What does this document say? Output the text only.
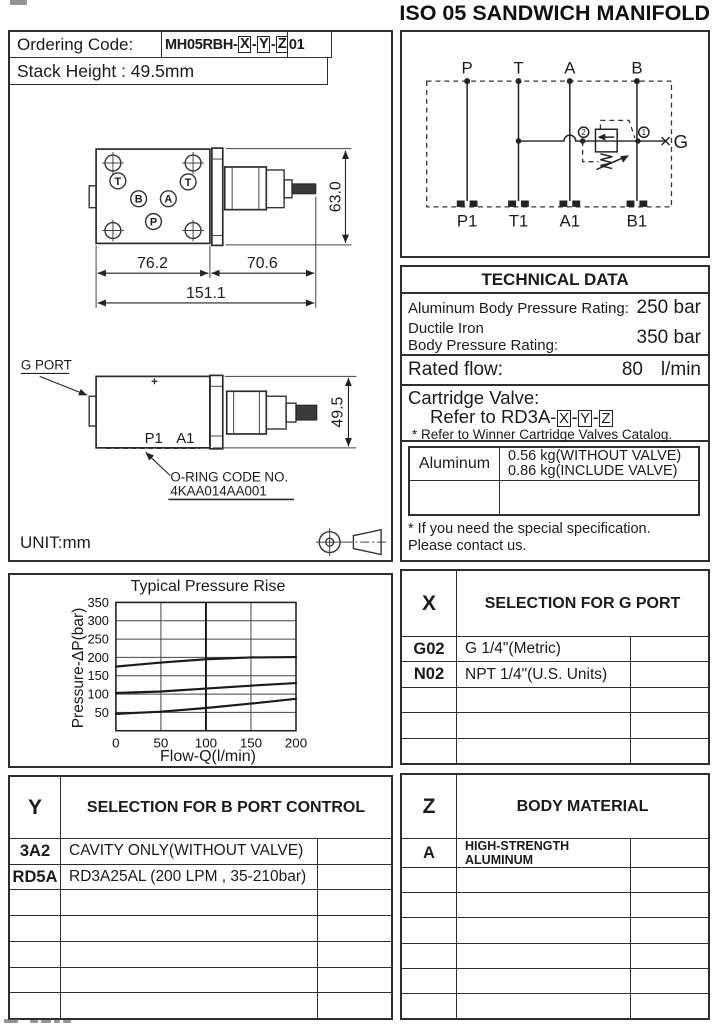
ISO 05 SANDWICH MANIFOLD
Ordering Code:	MH05RBH- X - Y - Z 01
Stack Height : 49.5mm
T	T
B A
P
76.2	70.6
151.1
63.0
G PORT
P1 A1
O-RING CODE NO.
4KAA014AA001
49.5
UNIT:mm
P T A	B
P1 T1 A1	B1
2	1 G
TECHNICAL DATA
Aluminum Body Pressure Rating: 250 bar
Ductile Iron
Body Pressure Rating:	350 bar
Rated flow:	80 l/min
Cartridge Valve:
Refer to RD3A- X - Y - Z
* Refer to Winner Cartridge Valves Catalog.
Aluminum	0.56 kg(WITHOUT VALVE)
0.86 kg(INCLUDE VALVE)
* If you need the special specification.
Please contact us.
Typical Pressure Rise
Pressure-ΔP(bar)
Flow-Q(l/min)
50
100
150
200
250
300
350
0	50 100 150 200
X	SELECTION FOR G PORT
G02	G 1/4"(Metric)
N02	NPT 1/4"(U.S. Units)
Y	SELECTION FOR B PORT CONTROL
3A2	CAVITY ONLY(WITHOUT VALVE)
RD5A RD3A25AL (200 LPM , 35-210bar)
Z	BODY MATERIAL
A	HIGH-STRENGTH ALUMINUM
